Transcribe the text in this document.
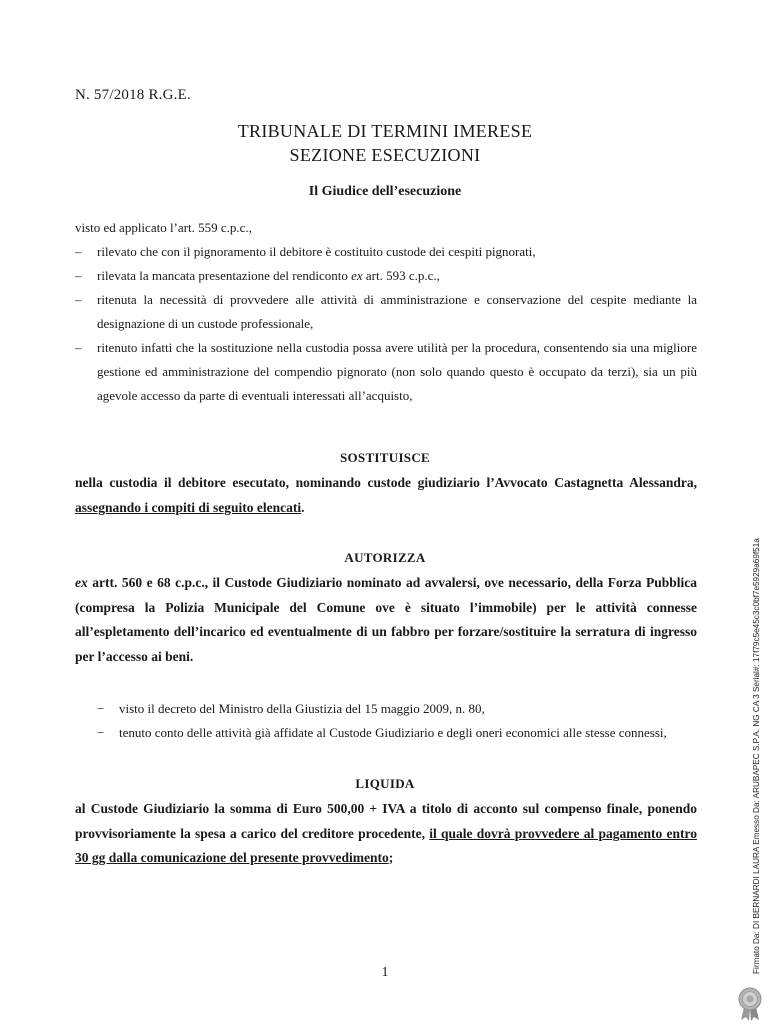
N. 57/2018 R.G.E.
TRIBUNALE DI TERMINI IMERESE
SEZIONE ESECUZIONI
Il Giudice dell’esecuzione
visto ed applicato l’art. 559 c.p.c.,
– rilevato che con il pignoramento il debitore è costituito custode dei cespiti pignorati,
– rilevata la mancata presentazione del rendiconto ex art. 593 c.p.c.,
– ritenuta la necessità di provvedere alle attività di amministrazione e conservazione del cespite mediante la designazione di un custode professionale,
– ritenuto infatti che la sostituzione nella custodia possa avere utilità per la procedura, consentendo sia una migliore gestione ed amministrazione del compendio pignorato (non solo quando questo è occupato da terzi), sia un più agevole accesso da parte di eventuali interessati all’acquisto,
SOSTITUISCE
nella custodia il debitore esecutato, nominando custode giudiziario l’Avvocato Castagnetta Alessandra, assegnando i compiti di seguito elencati.
AUTORIZZA
ex artt. 560 e 68 c.p.c., il Custode Giudiziario nominato ad avvalersi, ove necessario, della Forza Pubblica (compresa la Polizia Municipale del Comune ove è situato l’immobile) per le attività connesse all’espletamento dell’incarico ed eventualmente di un fabbro per forzare/sostituire la serratura di ingresso per l’accesso ai beni.
− visto il decreto del Ministro della Giustizia del 15 maggio 2009, n. 80,
− tenuto conto delle attività già affidate al Custode Giudiziario e degli oneri economici alle stesse connessi,
LIQUIDA
al Custode Giudiziario la somma di Euro 500,00 + IVA a titolo di acconto sul compenso finale, ponendo provvisoriamente la spesa a carico del creditore procedente, il quale dovrà provvedere al pagamento entro 30 gg dalla comunicazione del presente provvedimento;
1	Firmato Da: DI BERNARDI LAURA Emesso Da: ARUBAPEC S.P.A. NG CA 3 Serial#: 17f79c5e45c3c0bf7e5929a69f51a
